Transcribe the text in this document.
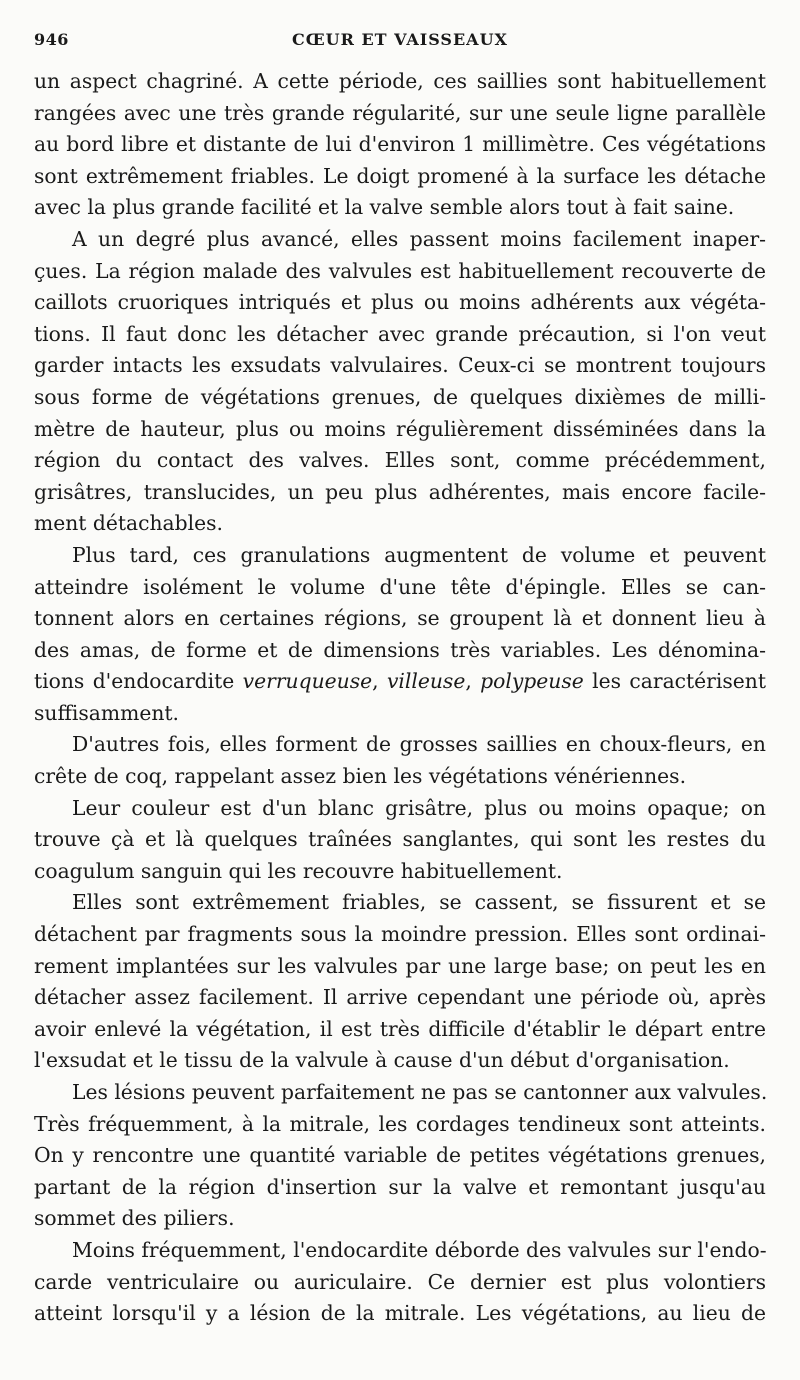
946	CŒUR ET VAISSEAUX
un aspect chagriné. A cette période, ces saillies sont habituellement
rangées avec une très grande régularité, sur une seule ligne parallèle
au bord libre et distante de lui d'environ 1 millimètre. Ces végétations
sont extrêmement friables. Le doigt promené à la surface les détache
avec la plus grande facilité et la valve semble alors tout à fait saine.
A un degré plus avancé, elles passent moins facilement inaper-
çues. La région malade des valvules est habituellement recouverte de
caillots cruoriques intriqués et plus ou moins adhérents aux végéta-
tions. Il faut donc les détacher avec grande précaution, si l'on veut
garder intacts les exsudats valvulaires. Ceux-ci se montrent toujours
sous forme de végétations grenues, de quelques dixièmes de milli-
mètre de hauteur, plus ou moins régulièrement disséminées dans la
région du contact des valves. Elles sont, comme précédemment,
grisâtres, translucides, un peu plus adhérentes, mais encore facile-
ment détachables.
Plus tard, ces granulations augmentent de volume et peuvent
atteindre isolément le volume d'une tête d'épingle. Elles se can-
tonnent alors en certaines régions, se groupent là et donnent lieu à
des amas, de forme et de dimensions très variables. Les dénomina-
tions d'endocardite verruqueuse, villeuse, polypeuse les caractérisent
suffisamment.
D'autres fois, elles forment de grosses saillies en choux-fleurs, en
crête de coq, rappelant assez bien les végétations vénériennes.
Leur couleur est d'un blanc grisâtre, plus ou moins opaque; on
trouve çà et là quelques traînées sanglantes, qui sont les restes du
coagulum sanguin qui les recouvre habituellement.
Elles sont extrêmement friables, se cassent, se fissurent et se
détachent par fragments sous la moindre pression. Elles sont ordinai-
rement implantées sur les valvules par une large base; on peut les en
détacher assez facilement. Il arrive cependant une période où, après
avoir enlevé la végétation, il est très difficile d'établir le départ entre
l'exsudat et le tissu de la valvule à cause d'un début d'organisation.
Les lésions peuvent parfaitement ne pas se cantonner aux valvules.
Très fréquemment, à la mitrale, les cordages tendineux sont atteints.
On y rencontre une quantité variable de petites végétations grenues,
partant de la région d'insertion sur la valve et remontant jusqu'au
sommet des piliers.
Moins fréquemment, l'endocardite déborde des valvules sur l'endo-
carde ventriculaire ou auriculaire. Ce dernier est plus volontiers
atteint lorsqu'il y a lésion de la mitrale. Les végétations, au lieu de
